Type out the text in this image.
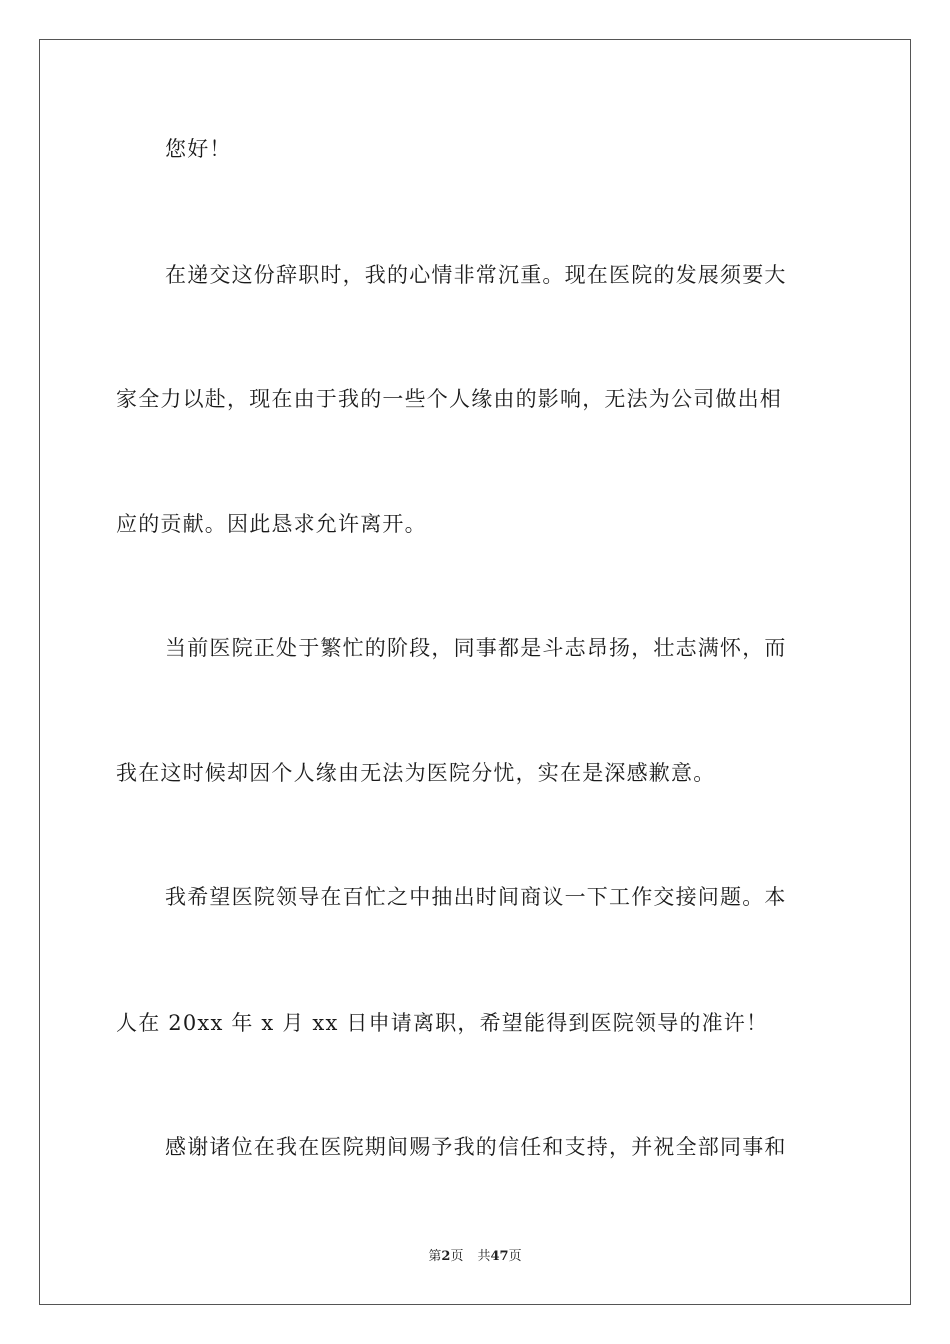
您好！
在递交这份辞职时，我的心情非常沉重。现在医院的发展须要大
家全力以赴，现在由于我的一些个人缘由的影响，无法为公司做出相
应的贡献。因此恳求允许离开。
当前医院正处于繁忙的阶段，同事都是斗志昂扬，壮志满怀，而
我在这时候却因个人缘由无法为医院分忧，实在是深感歉意。
我希望医院领导在百忙之中抽出时间商议一下工作交接问题。本
人在 20xx 年 x 月 xx 日申请离职，希望能得到医院领导的准许！
感谢诸位在我在医院期间赐予我的信任和支持，并祝全部同事和
第2页 共47页
